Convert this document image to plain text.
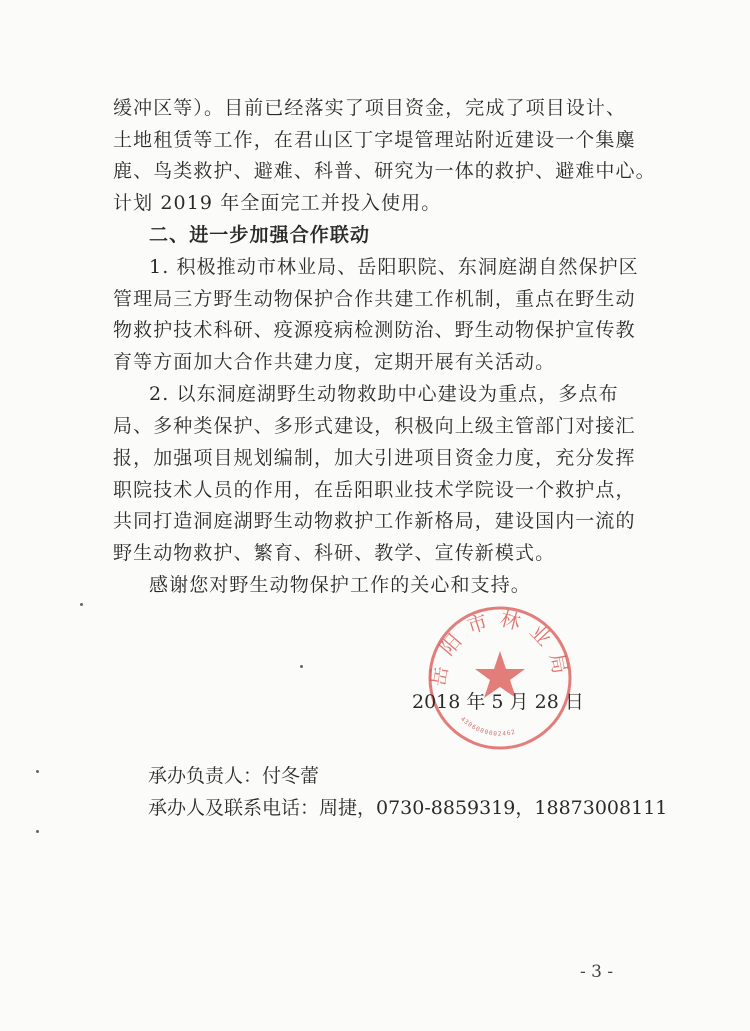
缓冲区等）。目前已经落实了项目资金，完成了项目设计、
土地租赁等工作，在君山区丁字堤管理站附近建设一个集麋
鹿、鸟类救护、避难、科普、研究为一体的救护、避难中心。
计划 2019 年全面完工并投入使用。
二、进一步加强合作联动
1. 积极推动市林业局、岳阳职院、东洞庭湖自然保护区
管理局三方野生动物保护合作共建工作机制，重点在野生动
物救护技术科研、疫源疫病检测防治、野生动物保护宣传教
育等方面加大合作共建力度，定期开展有关活动。
2. 以东洞庭湖野生动物救助中心建设为重点，多点布
局、多种类保护、多形式建设，积极向上级主管部门对接汇
报，加强项目规划编制，加大引进项目资金力度，充分发挥
职院技术人员的作用，在岳阳职业技术学院设一个救护点，
共同打造洞庭湖野生动物救护工作新格局，建设国内一流的
野生动物救护、繁育、科研、教学、宣传新模式。
感谢您对野生动物保护工作的关心和支持。
岳阳市林业局
4306000002462
2018 年 5 月 28 日
承办负责人：付冬蕾
承办人及联系电话：周捷，0730-8859319，18873008111
- 3 -
